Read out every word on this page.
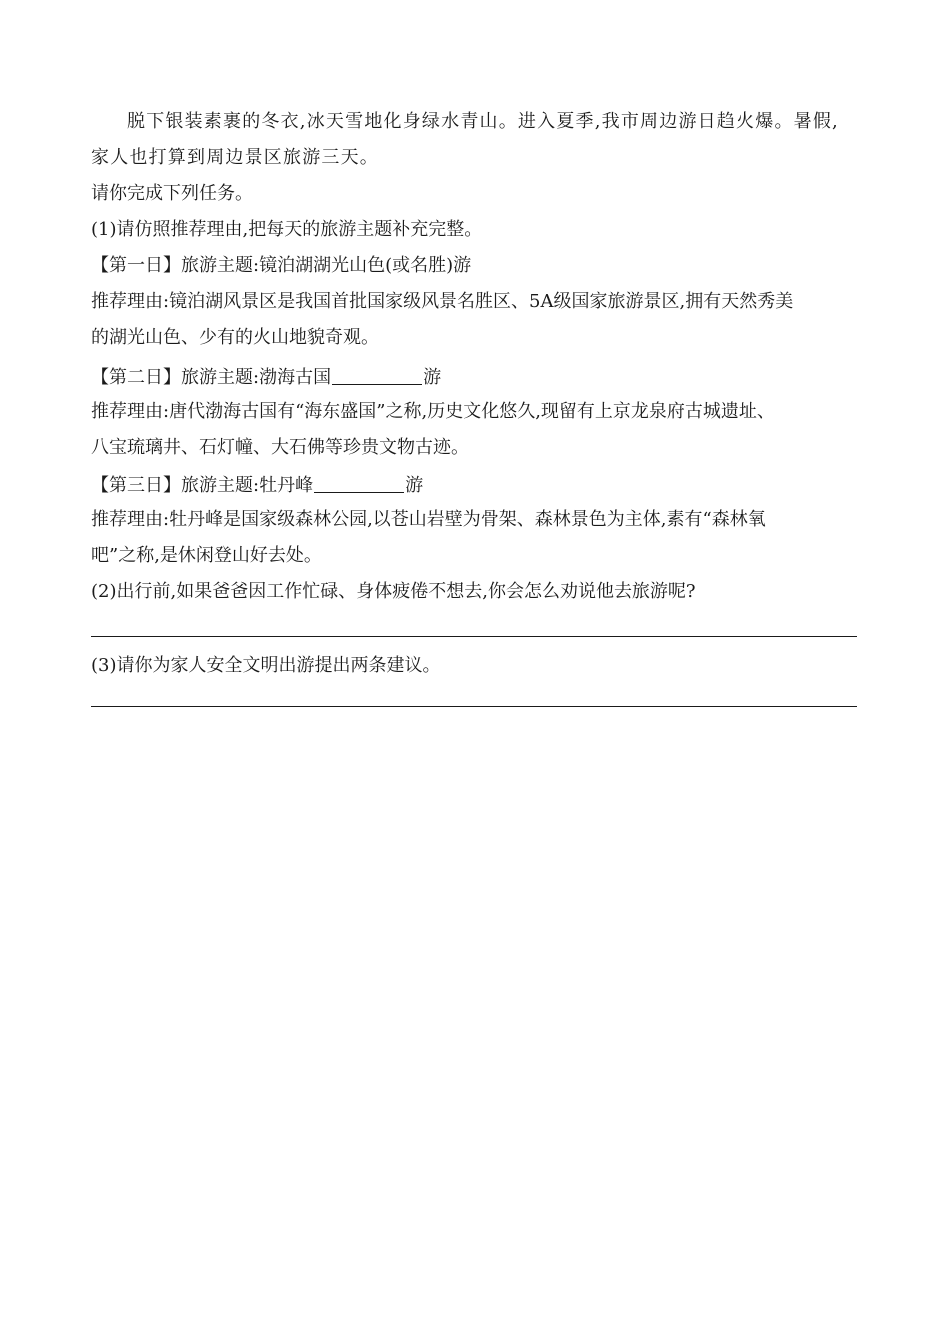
脱下银装素裹的冬衣,冰天雪地化身绿水青山。进入夏季,我市周边游日趋火爆。暑假,
家人也打算到周边景区旅游三天。
请你完成下列任务。
(1)请仿照推荐理由,把每天的旅游主题补充完整。
【第一日】旅游主题:镜泊湖湖光山色(或名胜)游
推荐理由:镜泊湖风景区是我国首批国家级风景名胜区、5A级国家旅游景区,拥有天然秀美
的湖光山色、少有的火山地貌奇观。
【第二日】旅游主题:渤海古国	游
推荐理由:唐代渤海古国有“海东盛国”之称,历史文化悠久,现留有上京龙泉府古城遗址、
八宝琉璃井、石灯幢、大石佛等珍贵文物古迹。
【第三日】旅游主题:牡丹峰	游
推荐理由:牡丹峰是国家级森林公园,以苍山岩壁为骨架、森林景色为主体,素有“森林氧
吧”之称,是休闲登山好去处。
(2)出行前,如果爸爸因工作忙碌、身体疲倦不想去,你会怎么劝说他去旅游呢?
(3)请你为家人安全文明出游提出两条建议。
